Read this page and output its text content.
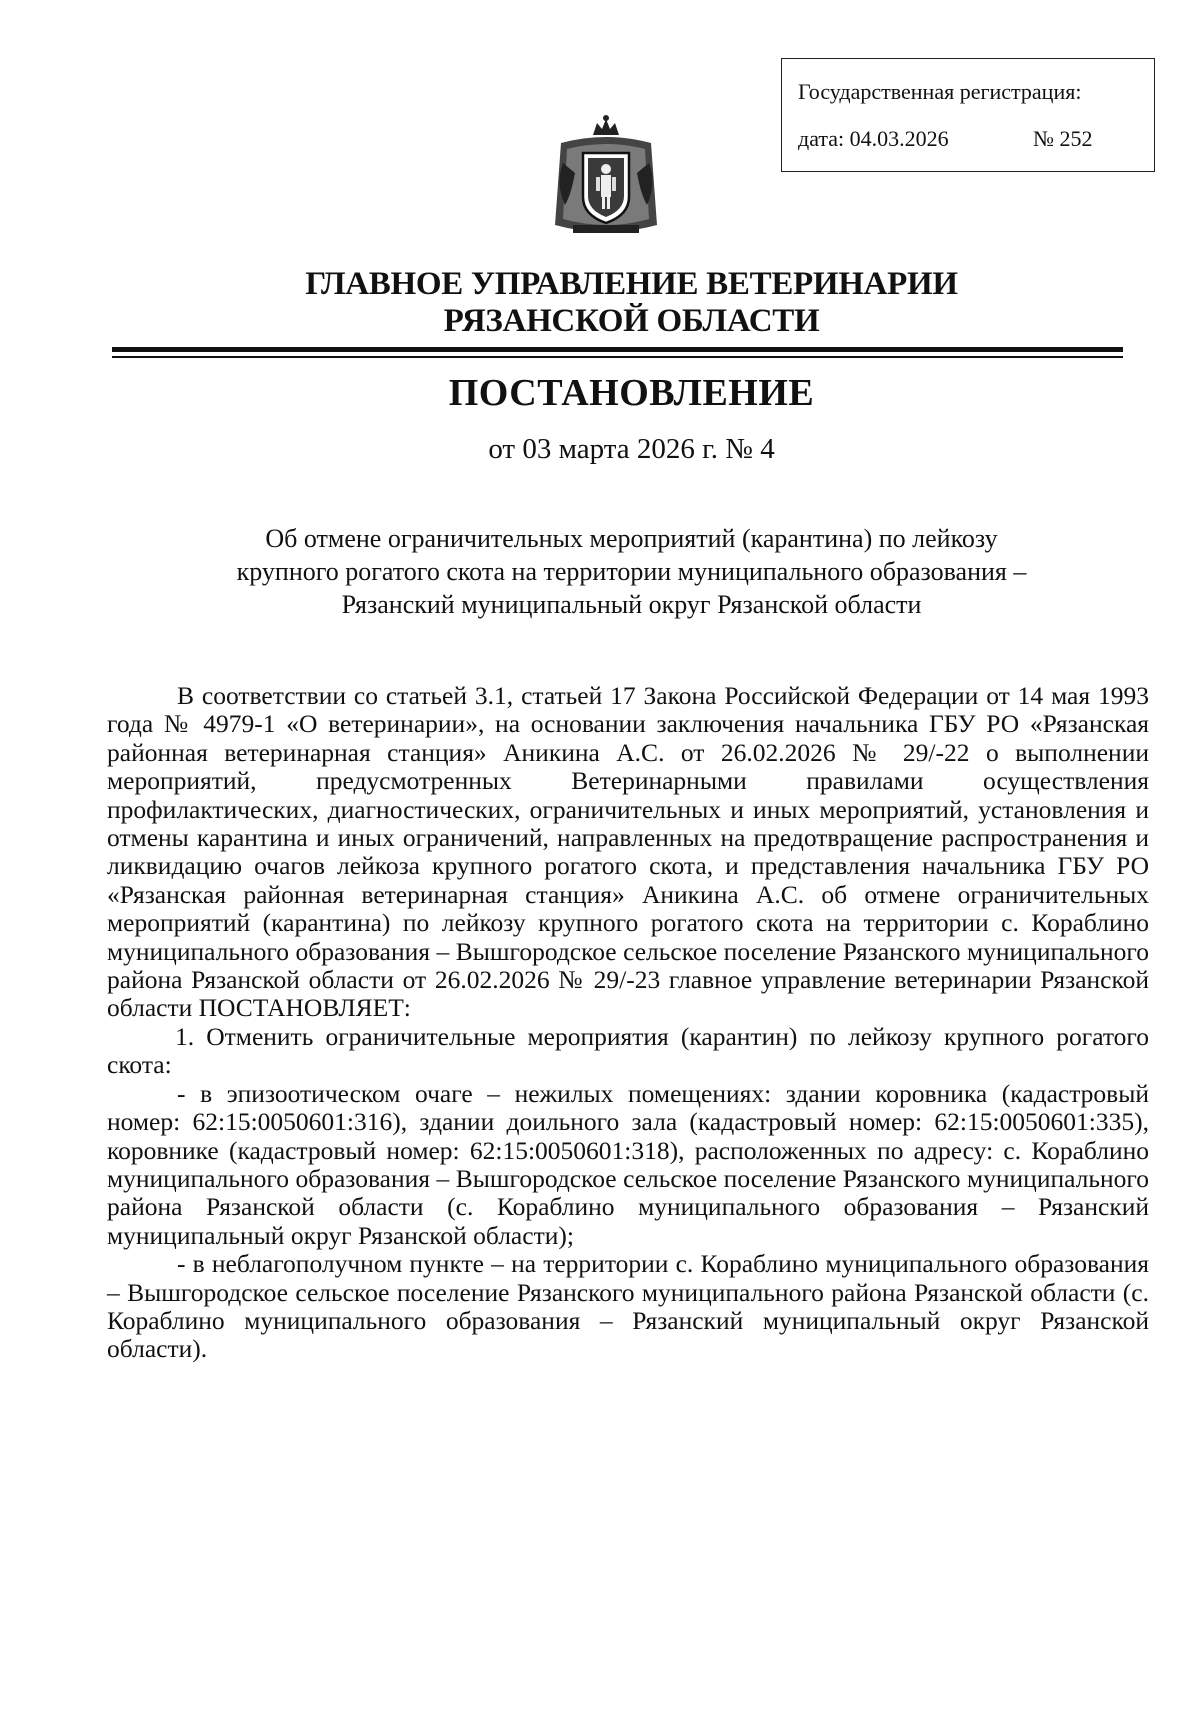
Государственная регистрация:
дата: 04.03.2026	№ 252
ГЛАВНОЕ УПРАВЛЕНИЕ ВЕТЕРИНАРИИ
РЯЗАНСКОЙ ОБЛАСТИ
ПОСТАНОВЛЕНИЕ
от 03 марта 2026 г. № 4
Об отмене ограничительных мероприятий (карантина) по лейкозу
крупного рогатого скота на территории муниципального образования –
Рязанский муниципальный округ Рязанской области

В соответствии со статьей 3.1, статьей 17 Закона Российской Федерации от 14 мая 1993 года № 4979-1 «О ветеринарии», на основании заключения начальника ГБУ РО «Рязанская районная ветеринарная станция» Аникина А.С. от 26.02.2026 № 29/-22 о выполнении мероприятий, предусмотренных Ветеринарными правилами осуществления профилактических, диагностических, ограничительных и иных мероприятий, установления и отмены карантина и иных ограничений, направленных на предотвращение распространения и ликвидацию очагов лейкоза крупного рогатого скота, и представления начальника ГБУ РО «Рязанская районная ветеринарная станция» Аникина А.С. об отмене ограничительных мероприятий (карантина) по лейкозу крупного рогатого скота на территории с. Кораблино муниципального образования – Вышгородское сельское поселение Рязанского муниципального района Рязанской области от 26.02.2026 № 29/-23 главное управление ветеринарии Рязанской области ПОСТАНОВЛЯЕТ:

1. Отменить ограничительные мероприятия (карантин) по лейкозу крупного рогатого скота:

- в эпизоотическом очаге – нежилых помещениях: здании коровника (кадастровый номер: 62:15:0050601:316), здании доильного зала (кадастровый номер: 62:15:0050601:335), коровнике (кадастровый номер: 62:15:0050601:318), расположенных по адресу: с. Кораблино муниципального образования – Вышгородское сельское поселение Рязанского муниципального района Рязанской области (с. Кораблино муниципального образования – Рязанский муниципальный округ Рязанской области);

- в неблагополучном пункте – на территории с. Кораблино муниципального образования – Вышгородское сельское поселение Рязанского муниципального района Рязанской области (с. Кораблино муниципального образования – Рязанский муниципальный округ Рязанской области).
